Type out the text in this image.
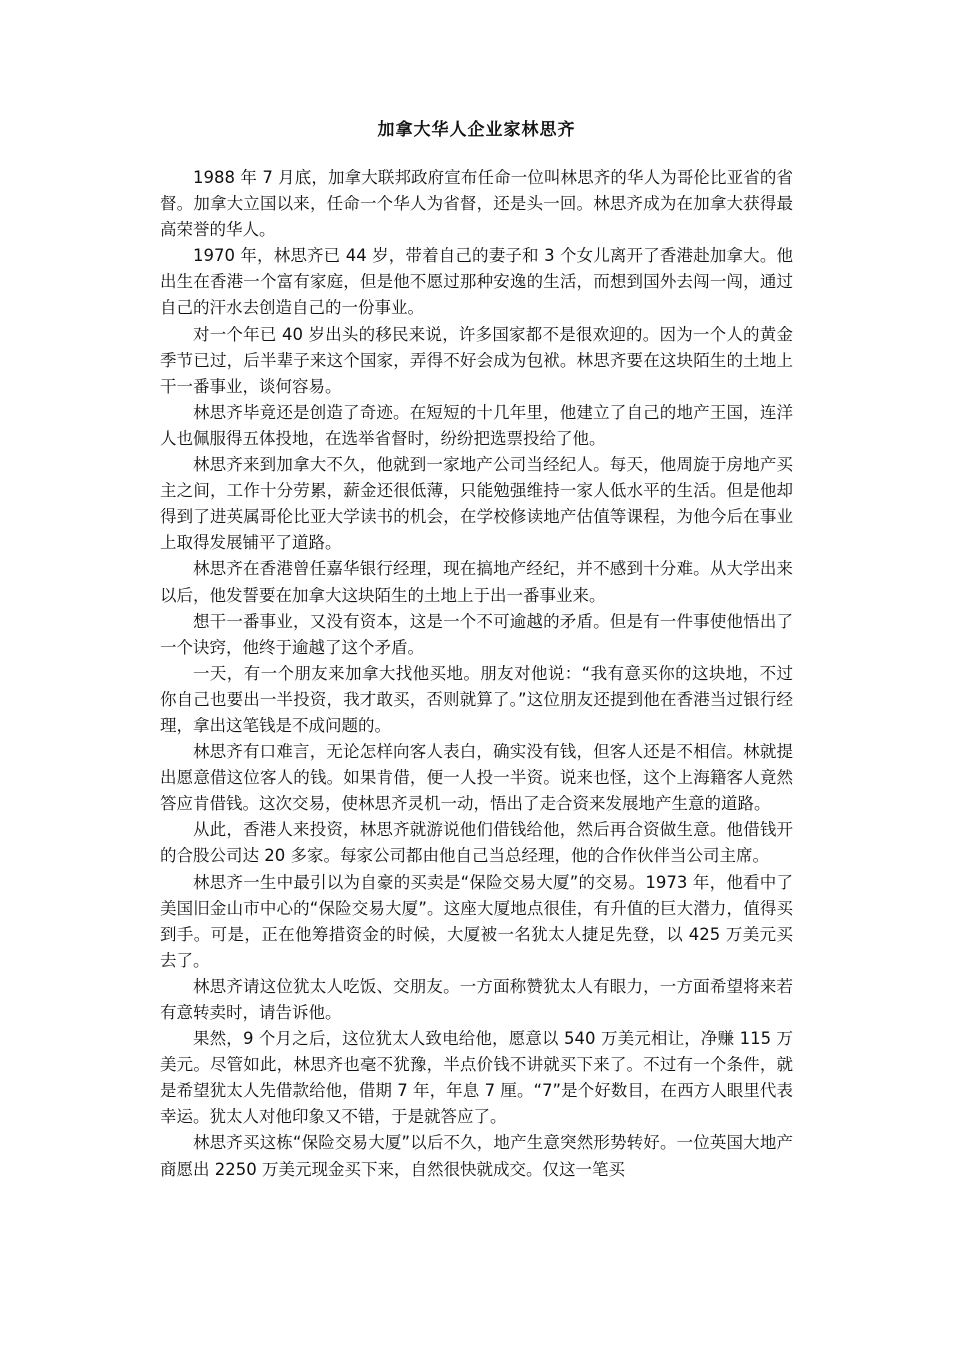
加拿大华人企业家林思齐

1988 年 7 月底，加拿大联邦政府宣布任命一位叫林思齐的华人为哥伦比亚省的省督。加拿大立国以来，任命一个华人为省督，还是头一回。林思齐成为在加拿大获得最高荣誉的华人。

1970 年，林思齐已 44 岁，带着自己的妻子和 3 个女儿离开了香港赴加拿大。他出生在香港一个富有家庭，但是他不愿过那种安逸的生活，而想到国外去闯一闯，通过自己的汗水去创造自己的一份事业。

对一个年已 40 岁出头的移民来说，许多国家都不是很欢迎的。因为一个人的黄金季节已过，后半辈子来这个国家，弄得不好会成为包袱。林思齐要在这块陌生的土地上干一番事业，谈何容易。

林思齐毕竟还是创造了奇迹。在短短的十几年里，他建立了自己的地产王国，连洋人也佩服得五体投地，在选举省督时，纷纷把选票投给了他。

林思齐来到加拿大不久，他就到一家地产公司当经纪人。每天，他周旋于房地产买主之间，工作十分劳累，薪金还很低薄，只能勉强维持一家人低水平的生活。但是他却得到了进英属哥伦比亚大学读书的机会，在学校修读地产估值等课程，为他今后在事业上取得发展铺平了道路。

林思齐在香港曾任嘉华银行经理，现在搞地产经纪，并不感到十分难。从大学出来以后，他发誓要在加拿大这块陌生的土地上于出一番事业来。

想干一番事业，又没有资本，这是一个不可逾越的矛盾。但是有一件事使他悟出了一个诀窍，他终于逾越了这个矛盾。

一天，有一个朋友来加拿大找他买地。朋友对他说：“我有意买你的这块地，不过你自己也要出一半投资，我才敢买，否则就算了。”这位朋友还提到他在香港当过银行经理，拿出这笔钱是不成问题的。

林思齐有口难言，无论怎样向客人表白，确实没有钱，但客人还是不相信。林就提出愿意借这位客人的钱。如果肯借，便一人投一半资。说来也怪，这个上海籍客人竟然答应肯借钱。这次交易，使林思齐灵机一动，悟出了走合资来发展地产生意的道路。

从此，香港人来投资，林思齐就游说他们借钱给他，然后再合资做生意。他借钱开的合股公司达 20 多家。每家公司都由他自己当总经理，他的合作伙伴当公司主席。

林思齐一生中最引以为自豪的买卖是“保险交易大厦”的交易。1973 年，他看中了美国旧金山市中心的“保险交易大厦”。这座大厦地点很佳，有升值的巨大潜力，值得买到手。可是，正在他筹措资金的时候，大厦被一名犹太人捷足先登，以 425 万美元买去了。

林思齐请这位犹太人吃饭、交朋友。一方面称赞犹太人有眼力，一方面希望将来若有意转卖时，请告诉他。

果然，9 个月之后，这位犹太人致电给他，愿意以 540 万美元相让，净赚 115 万美元。尽管如此，林思齐也毫不犹豫，半点价钱不讲就买下来了。不过有一个条件，就是希望犹太人先借款给他，借期 7 年，年息 7 厘。“7”是个好数目，在西方人眼里代表幸运。犹太人对他印象又不错，于是就答应了。

林思齐买这栋“保险交易大厦”以后不久，地产生意突然形势转好。一位英国大地产商愿出 2250 万美元现金买下来，自然很快就成交。仅这一笔买
